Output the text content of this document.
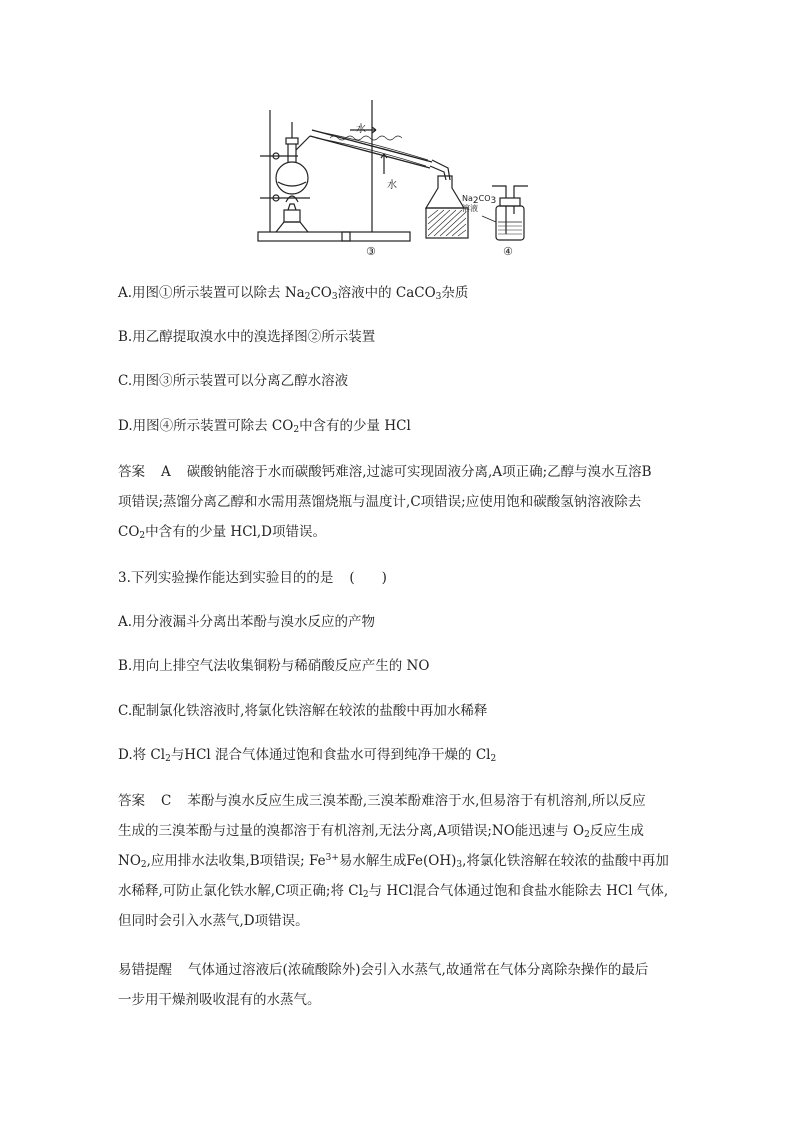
水
水
$Na_2CO_3$
溶液
③	④
A.用图①所示装置可以除去 $Na_2CO_3$溶液中的 CaCO$_3$杂质
B.用乙醇提取溴水中的溴选择图②所示装置
C.用图③所示装置可以分离乙醇水溶液
D.用图④所示装置可除去 $CO_2$中含有的少量 HCl
答案 A 碳酸钠能溶于水而碳酸钙难溶,过滤可实现固液分离,A项正确;乙醇与溴水互溶B
项错误;蒸馏分离乙醇和水需用蒸馏烧瓶与温度计,C项错误;应使用饱和碳酸氢钠溶液除去
$CO_2$中含有的少量 HCl,D项错误。
3.下列实验操作能达到实验目的的是 (　　)
A.用分液漏斗分离出苯酚与溴水反应的产物
B.用向上排空气法收集铜粉与稀硝酸反应产生的 NO
C.配制氯化铁溶液时,将氯化铁溶解在较浓的盐酸中再加水稀释
D.将 $Cl_2$与HCl 混合气体通过饱和食盐水可得到纯净干燥的 $Cl_2$
答案 C 苯酚与溴水反应生成三溴苯酚,三溴苯酚难溶于水,但易溶于有机溶剂,所以反应
生成的三溴苯酚与过量的溴都溶于有机溶剂,无法分离,A项错误;NO能迅速与 $O_2$反应生成
$NO_2$,应用排水法收集,B项错误; $Fe^{3+}$易水解生成$Fe(OH)_3$,将氯化铁溶解在较浓的盐酸中再加
水稀释,可防止氯化铁水解,C项正确;将 $Cl_2$与 HCl混合气体通过饱和食盐水能除去 HCl 气体,
但同时会引入水蒸气,D项错误。
易错提醒 气体通过溶液后(浓硫酸除外)会引入水蒸气,故通常在气体分离除杂操作的最后
一步用干燥剂吸收混有的水蒸气。
